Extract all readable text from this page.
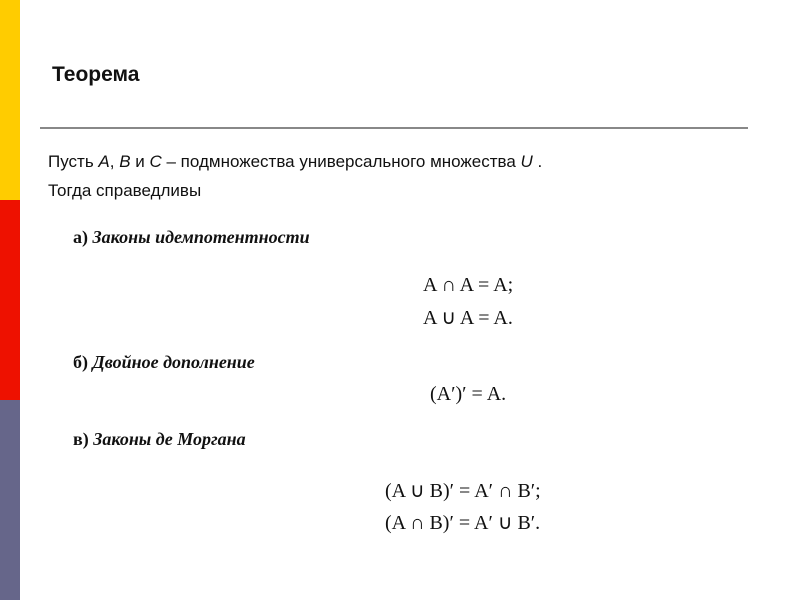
Теорема

Пусть A, B и C – подмножества универсального множества U .
Тогда справедливы

а) Законы идемпотентности
A ∩ A = A;
A ∪ A = A.
б) Двойное дополнение
(A′)′ = A.
в) Законы де Моргана
(A ∪ B)′ = A′ ∩ B′;
(A ∩ B)′ = A′ ∪ B′.
